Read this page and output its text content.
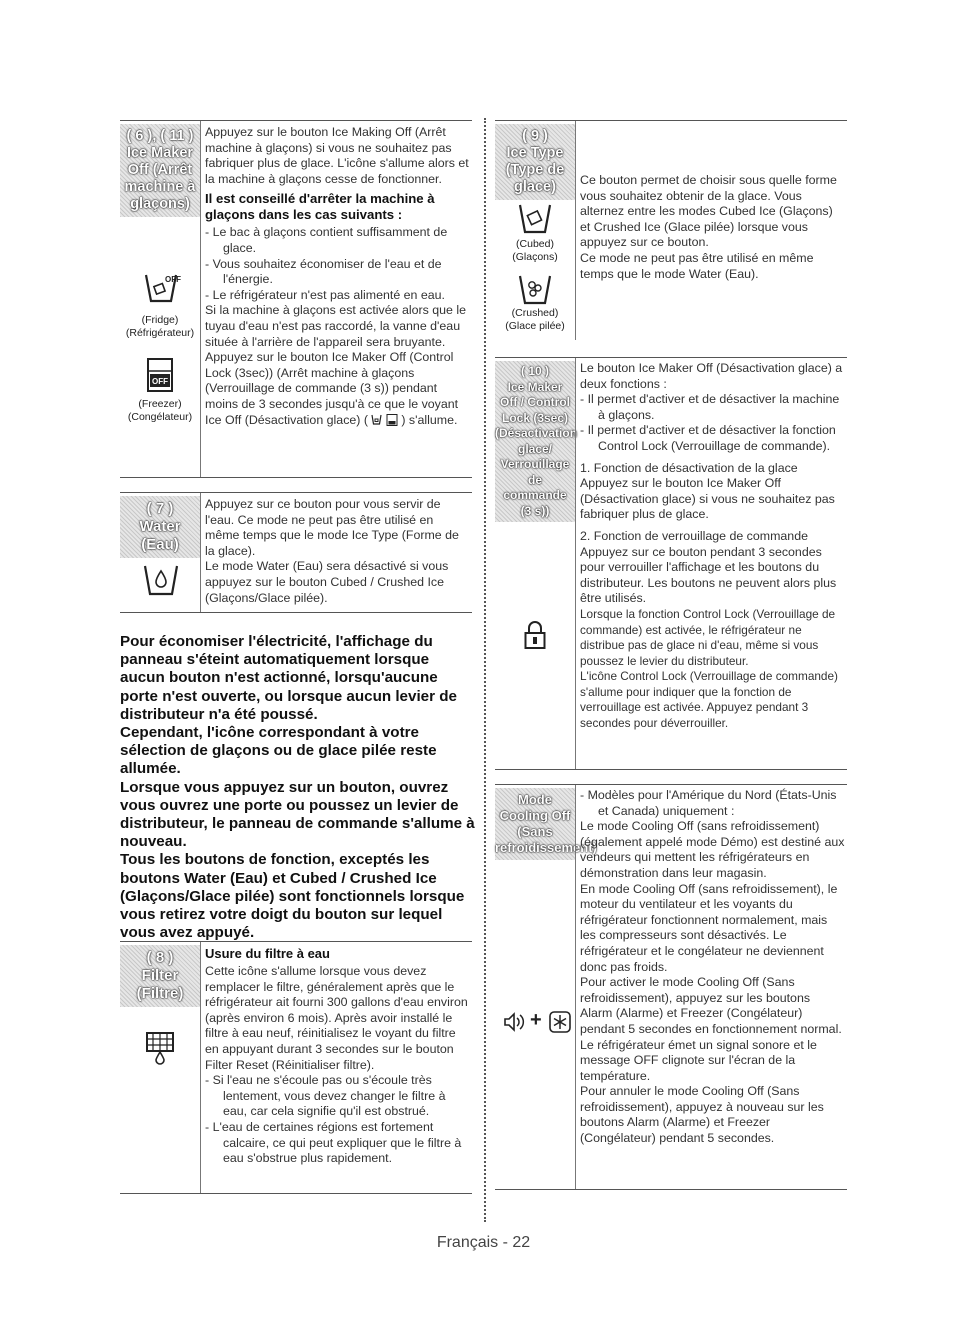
( 6 ), ( 11 )
Ice Maker
Off (Arrêt
machine à
glaçons)

Appuyez sur le bouton Ice Making Off (Arrêt machine à glaçons) si vous ne souhaitez pas fabriquer plus de glace. L'icône s'allume alors et la machine à glaçons cesse de fonctionner.

Il est conseillé d'arrêter la machine à glaçons dans les cas suivants :

- Le bac à glaçons contient suffisamment de glace.

- Vous souhaitez économiser de l'eau et de l'énergie.

- Le réfrigérateur n'est pas alimenté en eau.

Si la machine à glaçons est activée alors que le tuyau d'eau n'est pas raccordé, la vanne d'eau située à l'arrière de l'appareil sera bruyante. Appuyez sur le bouton Ice Maker Off (Control Lock (3sec)) (Arrêt machine à glaçons (Verrouillage de commande (3 s)) pendant moins de 3 secondes jusqu'à ce que le voyant Ice Off (Désactivation glace) (	) s'allume.

OFF
(Fridge)
(Réfrigérateur)
OFF
(Freezer)
(Congélateur)
( 7 )
Water
(Eau)

Appuyez sur ce bouton pour vous servir de l'eau. Ce mode ne peut pas être utilisé en même temps que le mode Ice Type (Forme de la glace).

Le mode Water (Eau) sera désactivé si vous appuyez sur le bouton Cubed / Crushed Ice (Glaçons/Glace pilée).

Pour économiser l'électricité, l'affichage du panneau s'éteint automatiquement lorsque aucun bouton n'est actionné, lorsqu'aucune porte n'est ouverte, ou lorsque aucun levier de distributeur n'a été poussé.

Cependant, l'icône correspondant à votre sélection de glaçons ou de glace pilée reste allumée.

Lorsque vous appuyez sur un bouton, ouvrez vous ouvrez une porte ou poussez un levier de distributeur, le panneau de commande s'allume à nouveau.

Tous les boutons de fonction, exceptés les boutons Water (Eau) et Cubed / Crushed Ice (Glaçons/Glace pilée) sont fonctionnels lorsque vous retirez votre doigt du bouton sur lequel vous avez appuyé.

( 8 )
Filter
(Filtre)

Usure du filtre à eau

Cette icône s'allume lorsque vous devez remplacer le filtre, généralement après que le réfrigérateur ait fourni 300 gallons d'eau environ (après environ 6 mois). Après avoir installé le filtre à eau neuf, réinitialisez le voyant du filtre en appuyant durant 3 secondes sur le bouton Filter Reset (Réinitialiser filtre).

- Si l'eau ne s'écoule pas ou s'écoule très lentement, vous devez changer le filtre à eau, car cela signifie qu'il est obstrué.

- L'eau de certaines régions est fortement calcaire, ce qui peut expliquer que le filtre à eau s'obstrue plus rapidement.

( 9 )
Ice Type
(Type de
glace)	Ce bouton permet de choisir sous quelle forme vous souhaitez obtenir de la glace. Vous alternez entre les modes Cubed Ice (Glaçons) et Crushed Ice (Glace pilée) lorsque vous appuyez sur ce bouton.

Ce mode ne peut pas être utilisé en même temps que le mode Water (Eau).

(Cubed)
(Glaçons)
(Crushed)
(Glace pilée)
( 10 )
Ice Maker
Off / Control
Lock (3sec)
(Désactivation
glace/
Verrouillage
de commande
(3 s))

Le bouton Ice Maker Off (Désactivation glace) a deux fonctions :

- Il permet d'activer et de désactiver la machine à glaçons.

- Il permet d'activer et de désactiver la fonction Control Lock (Verrouillage de commande).

1. Fonction de désactivation de la glace

Appuyez sur le bouton Ice Maker Off (Désactivation glace) si vous ne souhaitez pas fabriquer plus de glace.

2. Fonction de verrouillage de commande

Appuyez sur ce bouton pendant 3 secondes pour verrouiller l'affichage et les boutons du distributeur. Les boutons ne peuvent alors plus être utilisés.

Lorsque la fonction Control Lock (Verrouillage de commande) est activée, le réfrigérateur ne distribue pas de glace ni d'eau, même si vous poussez le levier du distributeur.

L'icône Control Lock (Verrouillage de commande) s'allume pour indiquer que la fonction de verrouillage est activée. Appuyez pendant 3 secondes pour déverrouiller.

Mode
Cooling Off
(Sans
refroidissement)

- Modèles pour l'Amérique du Nord (États-Unis et Canada) uniquement :

Le mode Cooling Off (sans refroidissement) (également appelé mode Démo) est destiné aux vendeurs qui mettent les réfrigérateurs en démonstration dans leur magasin.

En mode Cooling Off (sans refroidissement), le moteur du ventilateur et les voyants du réfrigérateur fonctionnent normalement, mais les compresseurs sont désactivés. Le réfrigérateur et le congélateur ne deviennent donc pas froids.

Pour activer le mode Cooling Off (Sans refroidissement), appuyez sur les boutons Alarm (Alarme) et Freezer (Congélateur) pendant 5 secondes en fonctionnement normal.

Le réfrigérateur émet un signal sonore et le message OFF clignote sur l'écran de la température.

Pour annuler le mode Cooling Off (Sans refroidissement), appuyez à nouveau sur les boutons Alarm (Alarme) et Freezer (Congélateur) pendant 5 secondes.

+
Français - 22
